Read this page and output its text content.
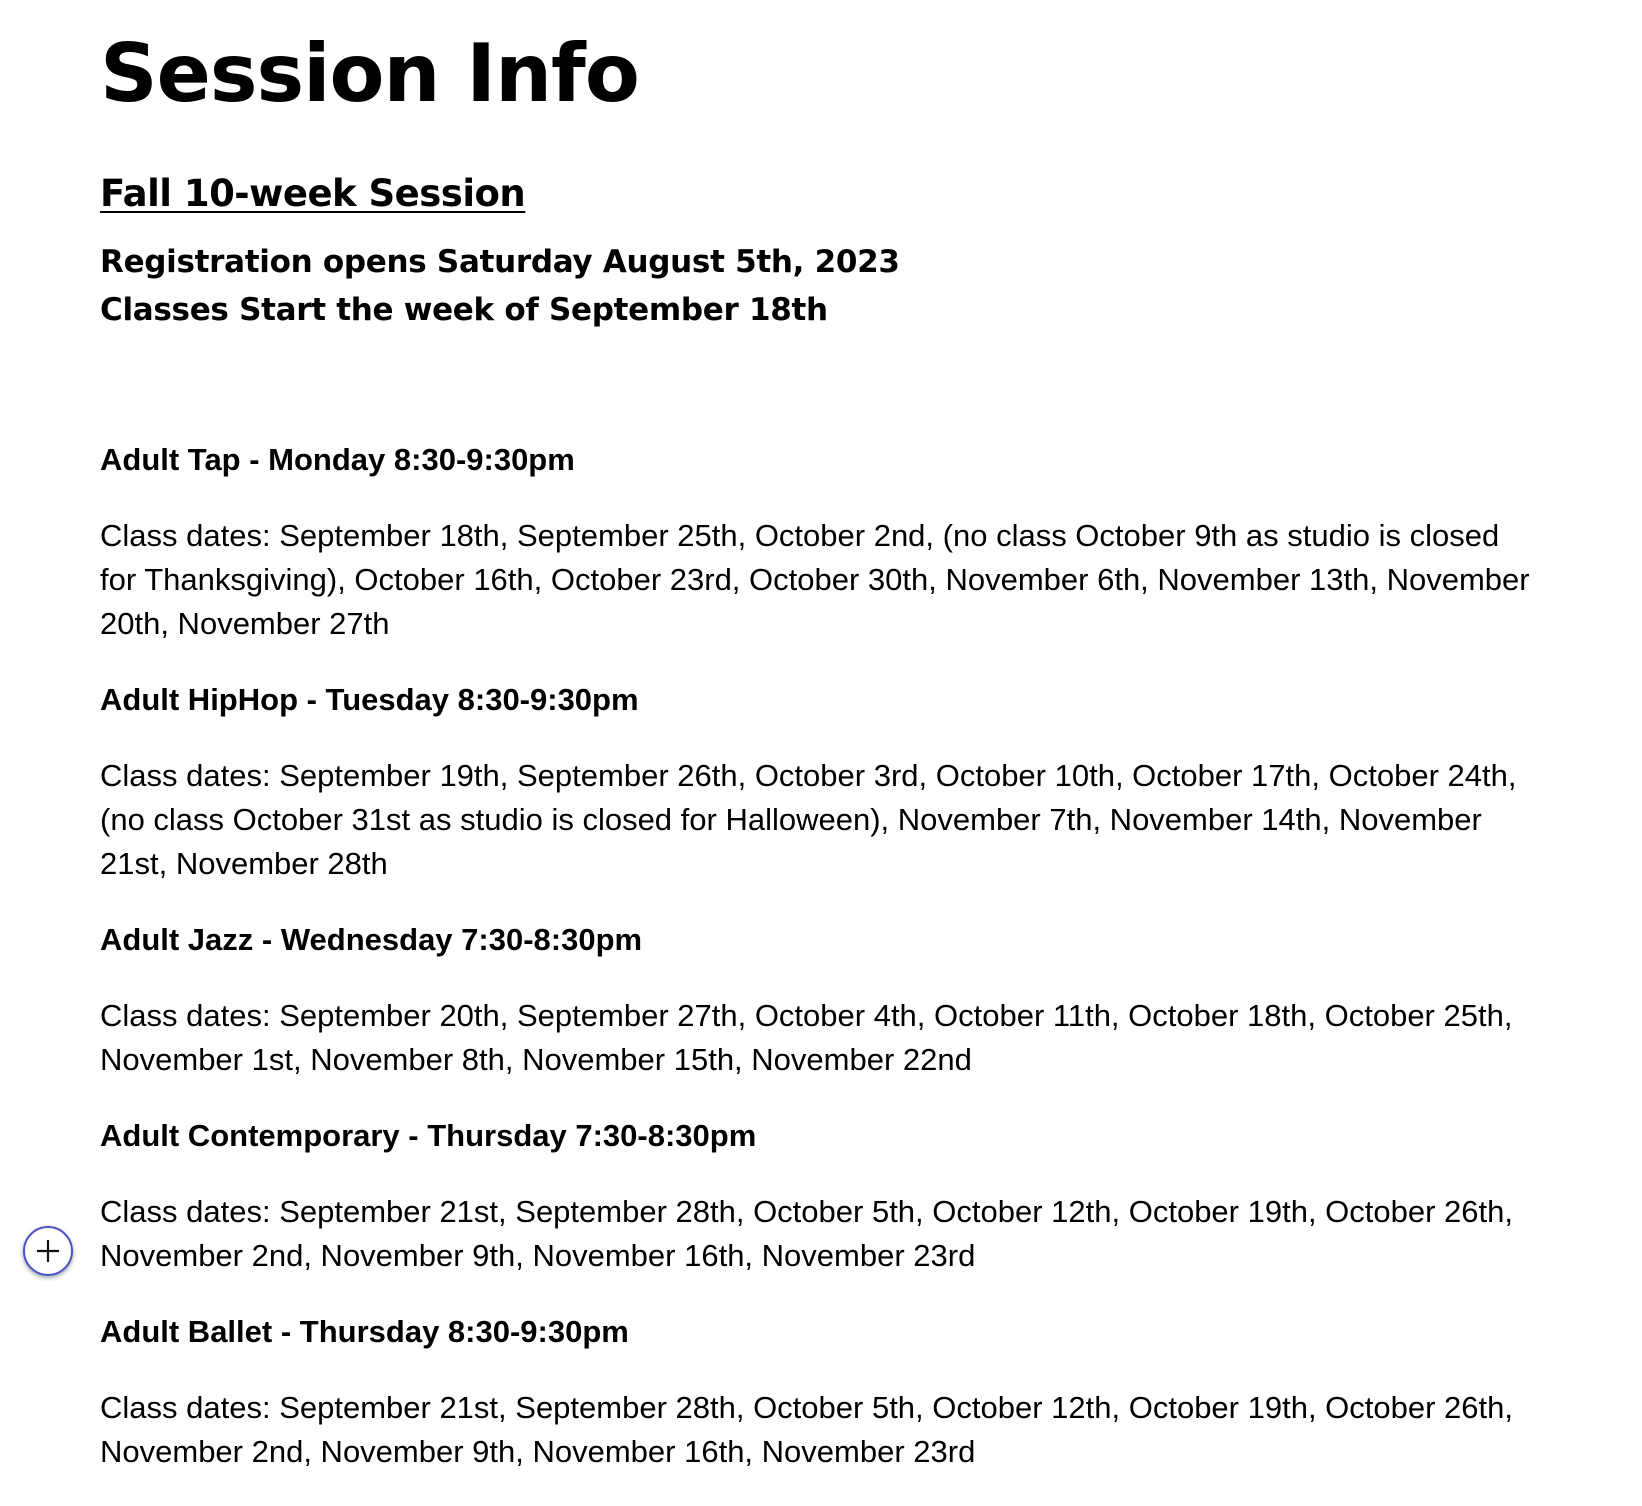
Session Info
Fall 10-week Session

Registration opens Saturday August 5th, 2023

Classes Start the week of September 18th

Adult Tap - Monday 8:30-9:30pm

Class dates: September 18th, September 25th, October 2nd, (no class October 9th as studio is closed for Thanksgiving), October 16th, October 23rd, October 30th, November 6th, November 13th, November 20th, November 27th

Adult HipHop - Tuesday 8:30-9:30pm

Class dates: September 19th, September 26th, October 3rd, October 10th, October 17th, October 24th, (no class October 31st as studio is closed for Halloween), November 7th, November 14th, November 21st, November 28th

Adult Jazz - Wednesday 7:30-8:30pm

Class dates: September 20th, September 27th, October 4th, October 11th, October 18th, October 25th, November 1st, November 8th, November 15th, November 22nd

Adult Contemporary - Thursday 7:30-8:30pm

Class dates: September 21st, September 28th, October 5th, October 12th, October 19th, October 26th, November 2nd, November 9th, November 16th, November 23rd

Adult Ballet - Thursday 8:30-9:30pm

Class dates: September 21st, September 28th, October 5th, October 12th, October 19th, October 26th, November 2nd, November 9th, November 16th, November 23rd
